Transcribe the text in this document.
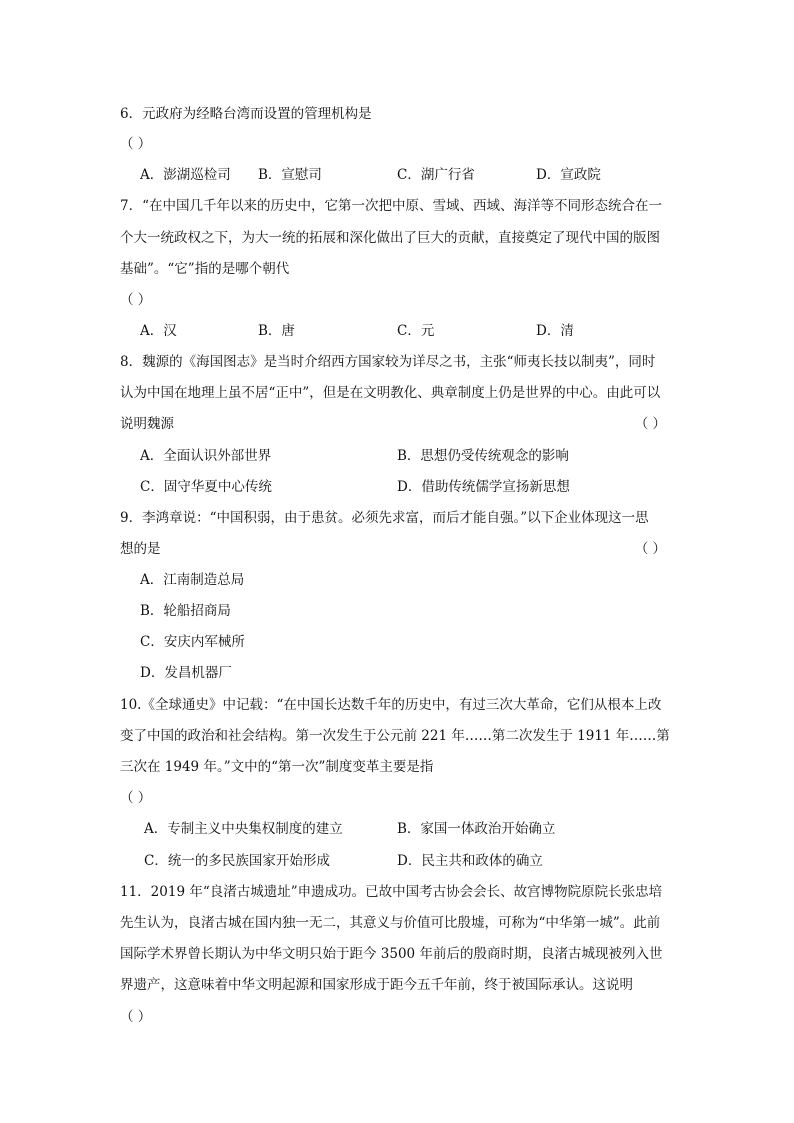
6．元政府为经略台湾而设置的管理机构是
（ ）
A．澎湖巡检司 B．宣慰司	C．湖广行省	D．宣政院
7．“在中国几千年以来的历史中，它第一次把中原、雪域、西域、海洋等不同形态统合在一
个大一统政权之下，为大一统的拓展和深化做出了巨大的贡献，直接奠定了现代中国的版图
基础”。“它”指的是哪个朝代
（ ）
A．汉	B．唐	C．元	D．清
8．魏源的《海国图志》是当时介绍西方国家较为详尽之书，主张“师夷长技以制夷”，同时
认为中国在地理上虽不居“正中”，但是在文明教化、典章制度上仍是世界的中心。由此可以
说明魏源	（ ）
A．全面认识外部世界	B．思想仍受传统观念的影响
C．固守华夏中心传统	D．借助传统儒学宣扬新思想
9．李鸿章说：“中国积弱，由于患贫。必须先求富，而后才能自强。”以下企业体现这一思
想的是	（ ）
A．江南制造总局
B．轮船招商局
C．安庆内军械所
D．发昌机器厂
10.《全球通史》中记载：“在中国长达数千年的历史中，有过三次大革命，它们从根本上改
变了中国的政治和社会结构。第一次发生于公元前 221 年……第二次发生于 1911 年……第
三次在 1949 年。”文中的“第一次”制度变革主要是指
（ ）
A．专制主义中央集权制度的建立	B．家国一体政治开始确立
C．统一的多民族国家开始形成	D．民主共和政体的确立
11．2019 年“良渚古城遗址”申遗成功。已故中国考古协会会长、故宫博物院原院长张忠培
先生认为，良渚古城在国内独一无二，其意义与价值可比殷墟，可称为“中华第一城”。此前
国际学术界曾长期认为中华文明只始于距今 3500 年前后的殷商时期，良渚古城现被列入世
界遗产，这意味着中华文明起源和国家形成于距今五千年前，终于被国际承认。这说明
（ ）
